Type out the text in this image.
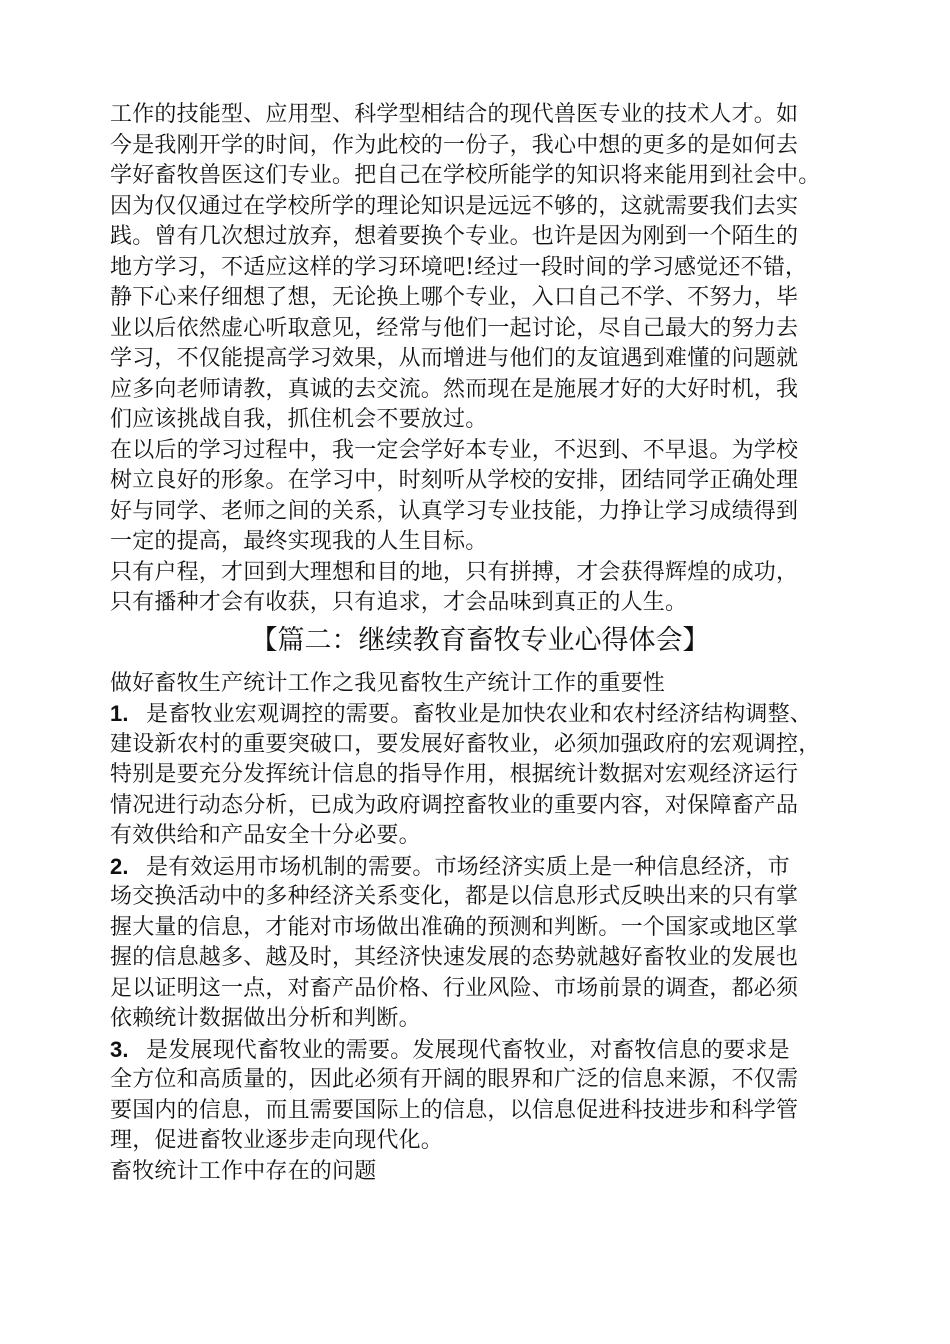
工作的技能型、应用型、科学型相结合的现代兽医专业的技术人才。如
今是我刚开学的时间，作为此校的一份子，我心中想的更多的是如何去
学好畜牧兽医这们专业。把自己在学校所能学的知识将来能用到社会中。
因为仅仅通过在学校所学的理论知识是远远不够的，这就需要我们去实
践。曾有几次想过放弃，想着要换个专业。也许是因为刚到一个陌生的
地方学习，不适应这样的学习环境吧!经过一段时间的学习感觉还不错，
静下心来仔细想了想，无论换上哪个专业，入口自己不学、不努力，毕
业以后依然虚心听取意见，经常与他们一起讨论，尽自己最大的努力去
学习，不仅能提高学习效果，从而增进与他们的友谊遇到难懂的问题就
应多向老师请教，真诚的去交流。然而现在是施展才好的大好时机，我
们应该挑战自我，抓住机会不要放过。
在以后的学习过程中，我一定会学好本专业，不迟到、不早退。为学校
树立良好的形象。在学习中，时刻听从学校的安排，团结同学正确处理
好与同学、老师之间的关系，认真学习专业技能，力挣让学习成绩得到
一定的提高，最终实现我的人生目标。
只有户程，才回到大理想和目的地，只有拼搏，才会获得辉煌的成功，
只有播种才会有收获，只有追求，才会品味到真正的人生。
【篇二：继续教育畜牧专业心得体会】
做好畜牧生产统计工作之我见畜牧生产统计工作的重要性
1. 是畜牧业宏观调控的需要。畜牧业是加快农业和农村经济结构调整、
建设新农村的重要突破口，要发展好畜牧业，必须加强政府的宏观调控，
特别是要充分发挥统计信息的指导作用，根据统计数据对宏观经济运行
情况进行动态分析，已成为政府调控畜牧业的重要内容，对保障畜产品
有效供给和产品安全十分必要。
2. 是有效运用市场机制的需要。市场经济实质上是一种信息经济，市
场交换活动中的多种经济关系变化，都是以信息形式反映出来的只有掌
握大量的信息，才能对市场做出准确的预测和判断。一个国家或地区掌
握的信息越多、越及时，其经济快速发展的态势就越好畜牧业的发展也
足以证明这一点，对畜产品价格、行业风险、市场前景的调查，都必须
依赖统计数据做出分析和判断。
3. 是发展现代畜牧业的需要。发展现代畜牧业，对畜牧信息的要求是
全方位和高质量的，因此必须有开阔的眼界和广泛的信息来源，不仅需
要国内的信息，而且需要国际上的信息，以信息促进科技进步和科学管
理，促进畜牧业逐步走向现代化。
畜牧统计工作中存在的问题
